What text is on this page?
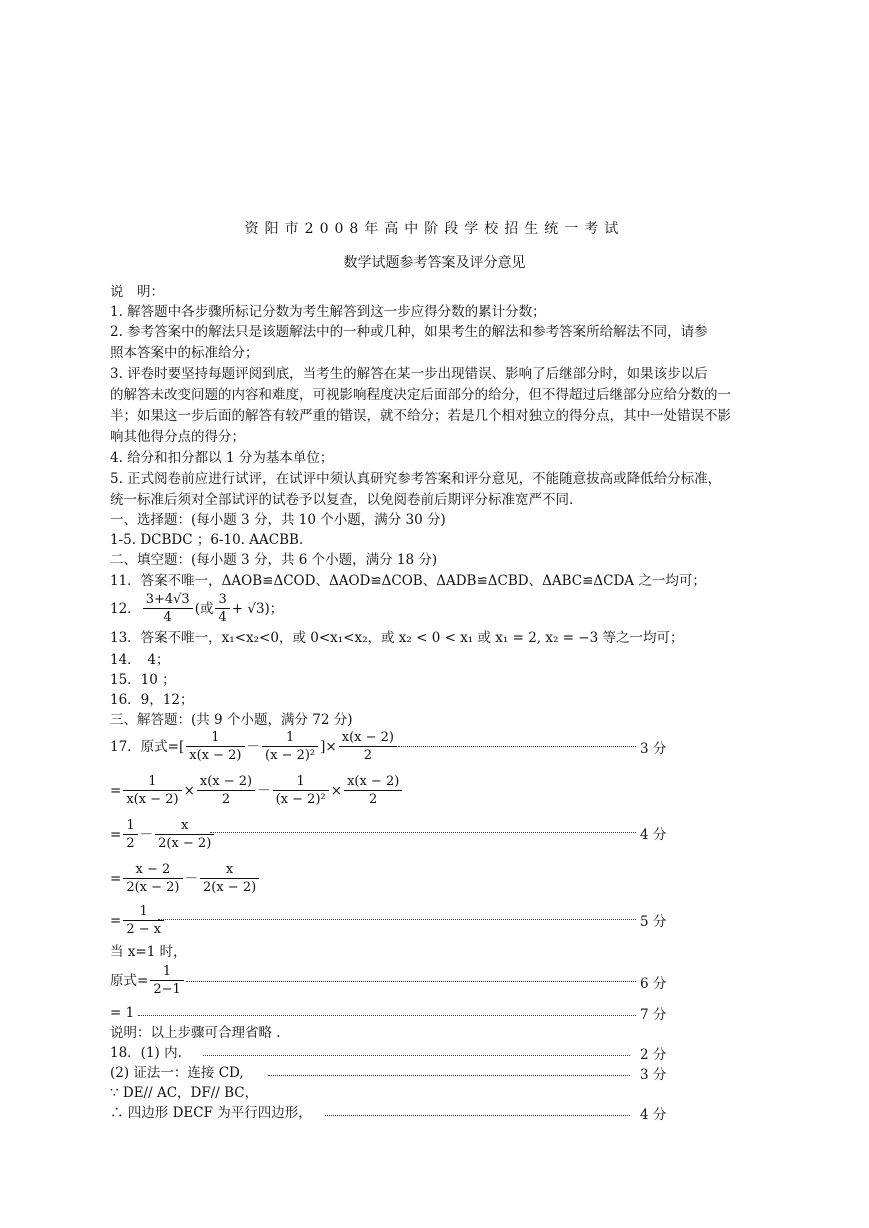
资阳市2008年高中阶段学校招生统一考试
数学试题参考答案及评分意见
说　明：
1. 解答题中各步骤所标记分数为考生解答到这一步应得分数的累计分数；
2. 参考答案中的解法只是该题解法中的一种或几种，如果考生的解法和参考答案所给解法不同，请参
照本答案中的标准给分；
3. 评卷时要坚持每题评阅到底，当考生的解答在某一步出现错误、影响了后继部分时，如果该步以后
的解答未改变问题的内容和难度，可视影响程度决定后面部分的给分，但不得超过后继部分应给分数的一
半；如果这一步后面的解答有较严重的错误，就不给分；若是几个相对独立的得分点，其中一处错误不影
响其他得分点的得分；
4. 给分和扣分都以 1 分为基本单位；
5. 正式阅卷前应进行试评，在试评中须认真研究参考答案和评分意见，不能随意拔高或降低给分标准，
统一标准后须对全部试评的试卷予以复查，以免阅卷前后期评分标准宽严不同.
一、选择题：(每小题 3 分，共 10 个小题，满分 30 分)
1-5. DCBDC ；6-10. AACBB.
二、填空题：(每小题 3 分，共 6 个小题，满分 18 分)
11．答案不唯一，ΔAOB≌ΔCOD、ΔAOD≌ΔCOB、ΔADB≌ΔCBD、ΔABC≌ΔCDA 之一均可；
12． $\frac{3+4√3}{4}$ (或 $\frac{3}{4} + √3$)；
13．答案不唯一，x₁<x₂<0，或 0<x₁<x₂，或 x₂ < 0 < x₁ 或 x₁ = 2, x₂ = −3 等之一均可；
14．　4；
15．10 ；
16．9，12；
三、解答题：(共 9 个小题，满分 72 分)
17．原式=[ $\frac{1}{x(x - 2)} - \frac{1}{\text{(x − 2)²}}$ ]× $\frac{x(x - 2)}{2}$	3 分
= $\frac{1}{x(x - 2)} \times \frac{x(x - 2)}{2} - \frac{1}{\text{(x − 2)²}} \times \frac{x(x - 2)}{2}$
= $\frac{1}{2} - \frac{x}{2(x - 2)}$	4 分
= $\frac{x - 2}{2(x - 2)} - \frac{x}{2(x - 2)}$
= $\frac{1}{2 - x}$	5 分
当 x=1 时，
原式= $\frac{1}{2-1}$	6 分
= 1	7 分
说明：以上步骤可合理省略 .
18．(1) 内.	2 分
(2) 证法一：连接 CD,	3 分
∵ DE// AC，DF// BC，
∴ 四边形 DECF 为平行四边形，	4 分
